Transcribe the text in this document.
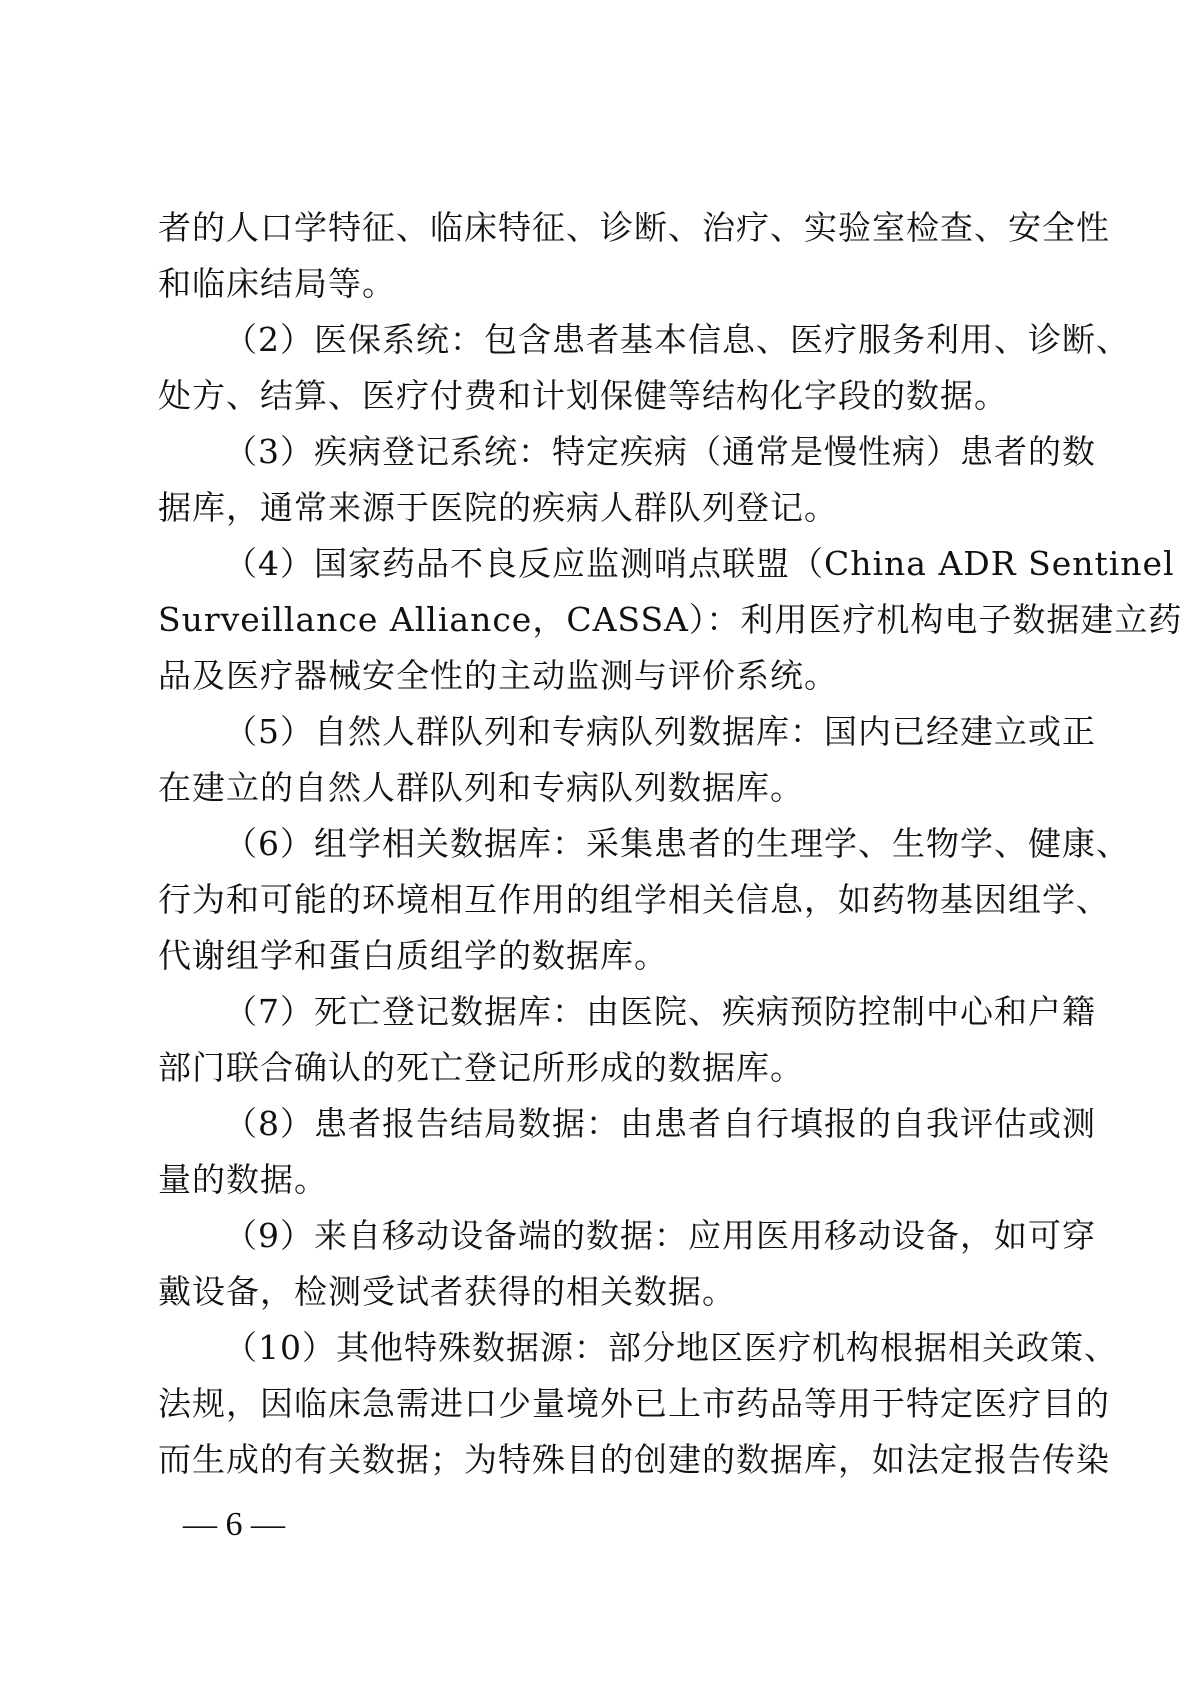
者的人口学特征、临床特征、诊断、治疗、实验室检查、安全性
和临床结局等。
（2）医保系统：包含患者基本信息、医疗服务利用、诊断、
处方、结算、医疗付费和计划保健等结构化字段的数据。
（3）疾病登记系统：特定疾病（通常是慢性病）患者的数
据库，通常来源于医院的疾病人群队列登记。
（4）国家药品不良反应监测哨点联盟（China ADR Sentinel
Surveillance Alliance，CASSA）：利用医疗机构电子数据建立药
品及医疗器械安全性的主动监测与评价系统。
（5）自然人群队列和专病队列数据库：国内已经建立或正
在建立的自然人群队列和专病队列数据库。
（6）组学相关数据库：采集患者的生理学、生物学、健康、
行为和可能的环境相互作用的组学相关信息，如药物基因组学、
代谢组学和蛋白质组学的数据库。
（7）死亡登记数据库：由医院、疾病预防控制中心和户籍
部门联合确认的死亡登记所形成的数据库。
（8）患者报告结局数据：由患者自行填报的自我评估或测
量的数据。
（9）来自移动设备端的数据：应用医用移动设备，如可穿
戴设备，检测受试者获得的相关数据。
（10）其他特殊数据源：部分地区医疗机构根据相关政策、
法规，因临床急需进口少量境外已上市药品等用于特定医疗目的
而生成的有关数据；为特殊目的创建的数据库，如法定报告传染
— 6 —
